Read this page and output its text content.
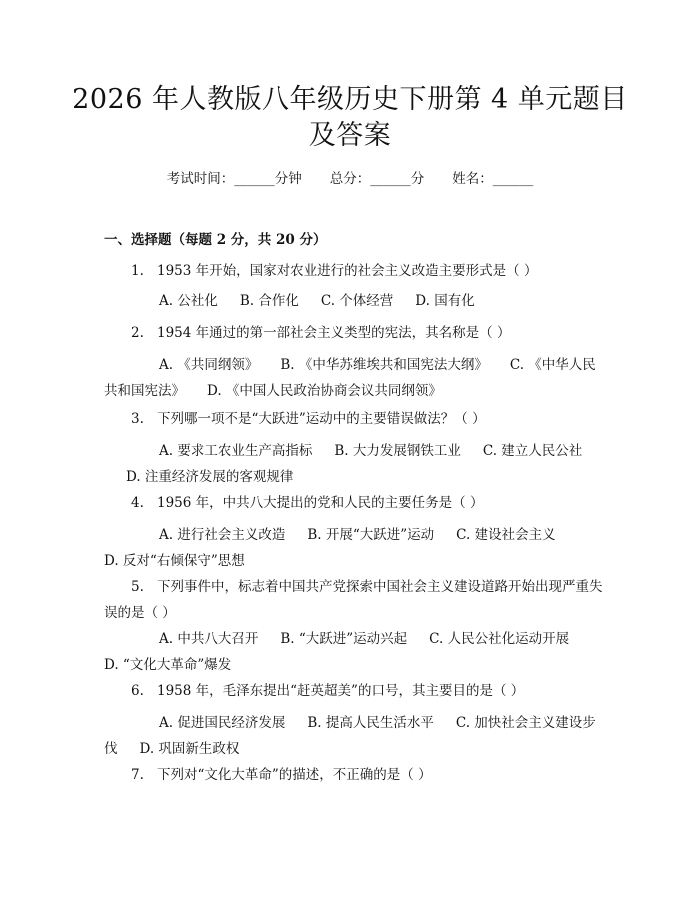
2026 年人教版八年级历史下册第 4 单元题目
及答案
考试时间：______分钟 总分：______分 姓名：______
一、选择题（每题 2 分，共 20 分）
1. 1953 年开始，国家对农业进行的社会主义改造主要形式是（ ）
A. 公社化 B. 合作化 C. 个体经营 D. 国有化
2. 1954 年通过的第一部社会主义类型的宪法，其名称是（ ）
A. 《共同纲领》 B. 《中华苏维埃共和国宪法大纲》 C. 《中华人民共和国宪法》 D. 《中国人民政治协商会议共同纲领》
3. 下列哪一项不是“大跃进”运动中的主要错误做法？（ ）
A. 要求工农业生产高指标 B. 大力发展钢铁工业 C. 建立人民公社D. 注重经济发展的客观规律
4. 1956 年，中共八大提出的党和人民的主要任务是（ ）
A. 进行社会主义改造 B. 开展“大跃进”运动 C. 建设社会主义D. 反对“右倾保守”思想
5. 下列事件中，标志着中国共产党探索中国社会主义建设道路开始出现严重失误的是（ ）
A. 中共八大召开 B. “大跃进”运动兴起 C. 人民公社化运动开展D. “文化大革命”爆发
6. 1958 年，毛泽东提出“赶英超美”的口号，其主要目的是（ ）
A. 促进国民经济发展 B. 提高人民生活水平 C. 加快社会主义建设步伐 D. 巩固新生政权
7. 下列对“文化大革命”的描述，不正确的是（ ）
